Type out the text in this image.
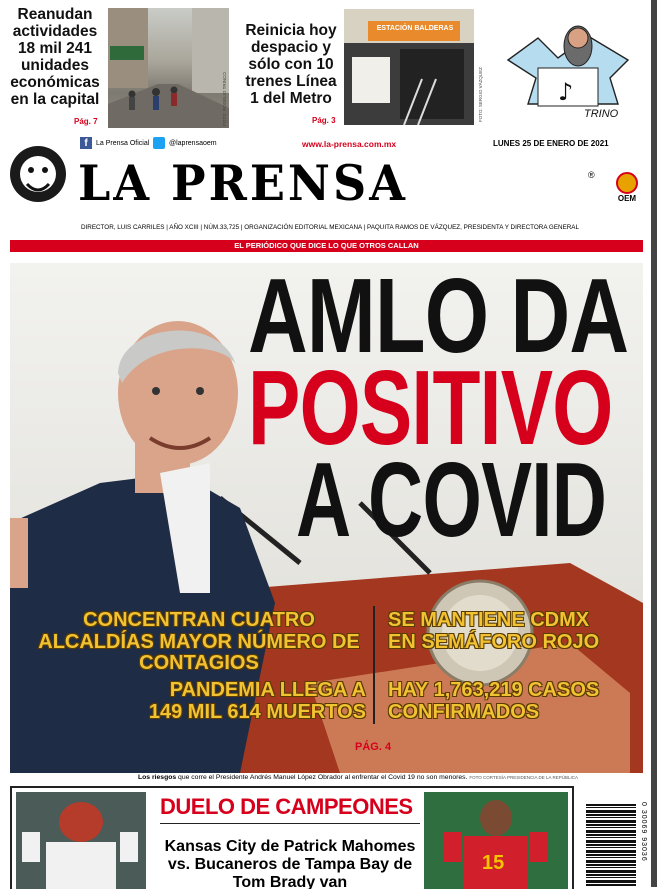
Reanudan actividades 18 mil 241 unidades económicas en la capital
Pág. 7	FOTO: ROGELIO TRINCO
Reinicia hoy despacio y sólo con 10 trenes Línea 1 del Metro
Pág. 3
ESTACIÓN BALDERAS
FOTO: SERGIO VÁZQUEZ	♪
TRINO
f	La Prensa Oficial	@laprensaoem	www.la-prensa.com.mx	LUNES 25 DE ENERO DE 2021
LA PRENSA	®
OEM
DIRECTOR, LUIS CARRILES | AÑO XCIII | NÚM.33,725 | ORGANIZACIÓN EDITORIAL MEXICANA | PAQUITA RAMOS DE VÁZQUEZ, PRESIDENTA Y DIRECTORA GENERAL
EL PERIÓDICO QUE DICE LO QUE OTROS CALLAN
AMLO DA
POSITIVO
A COVID
CONCENTRAN CUATRO ALCALDÍAS MAYOR NÚMERO DE CONTAGIOS
SE MANTIENE CDMX EN SEMÁFORO ROJO
PANDEMIA LLEGA A 149 MIL 614 MUERTOS
HAY 1,763,219 CASOS CONFIRMADOS
PÁG. 4
Los riesgos que corre el Presidente Andrés Manuel López Obrador al enfrentar el Covid 19 no son menores. FOTO CORTESÍA PRESIDENCIA DE LA REPÚBLICA
DUELO DE CAMPEONES
Kansas City de Patrick Mahomes vs. Bucaneros de Tampa Bay de Tom Brady van
15
0 30069 93036
